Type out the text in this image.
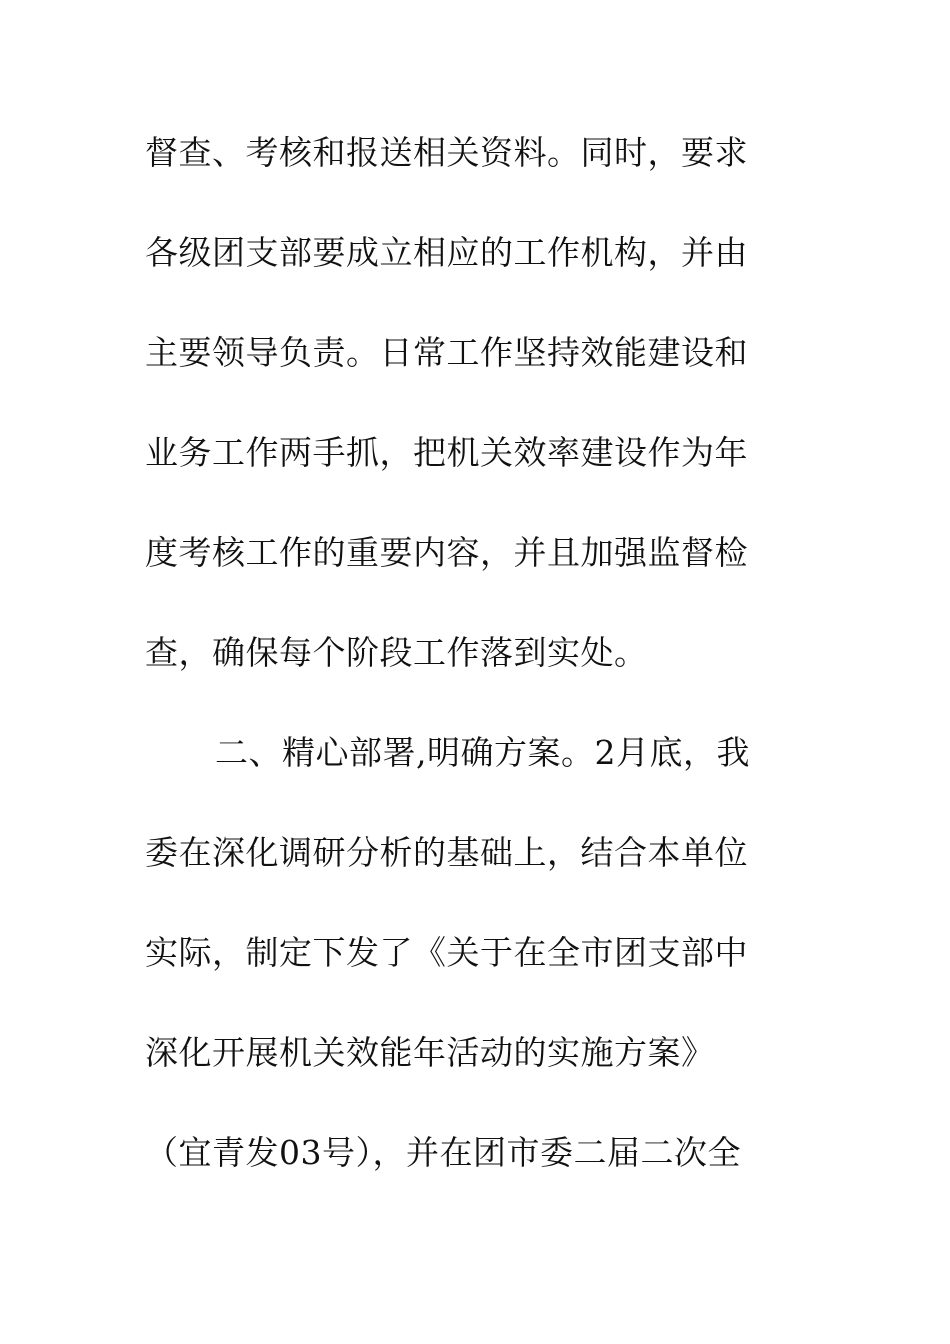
督查、考核和报送相关资料。同时，要求

各级团支部要成立相应的工作机构，并由

主要领导负责。日常工作坚持效能建设和

业务工作两手抓，把机关效率建设作为年

度考核工作的重要内容，并且加强监督检

查，确保每个阶段工作落到实处。

二、精心部署,明确方案。2月底，我

委在深化调研分析的基础上，结合本单位

实际，制定下发了《关于在全市团支部中

深化开展机关效能年活动的实施方案》

（宜青发03号），并在团市委二届二次全
